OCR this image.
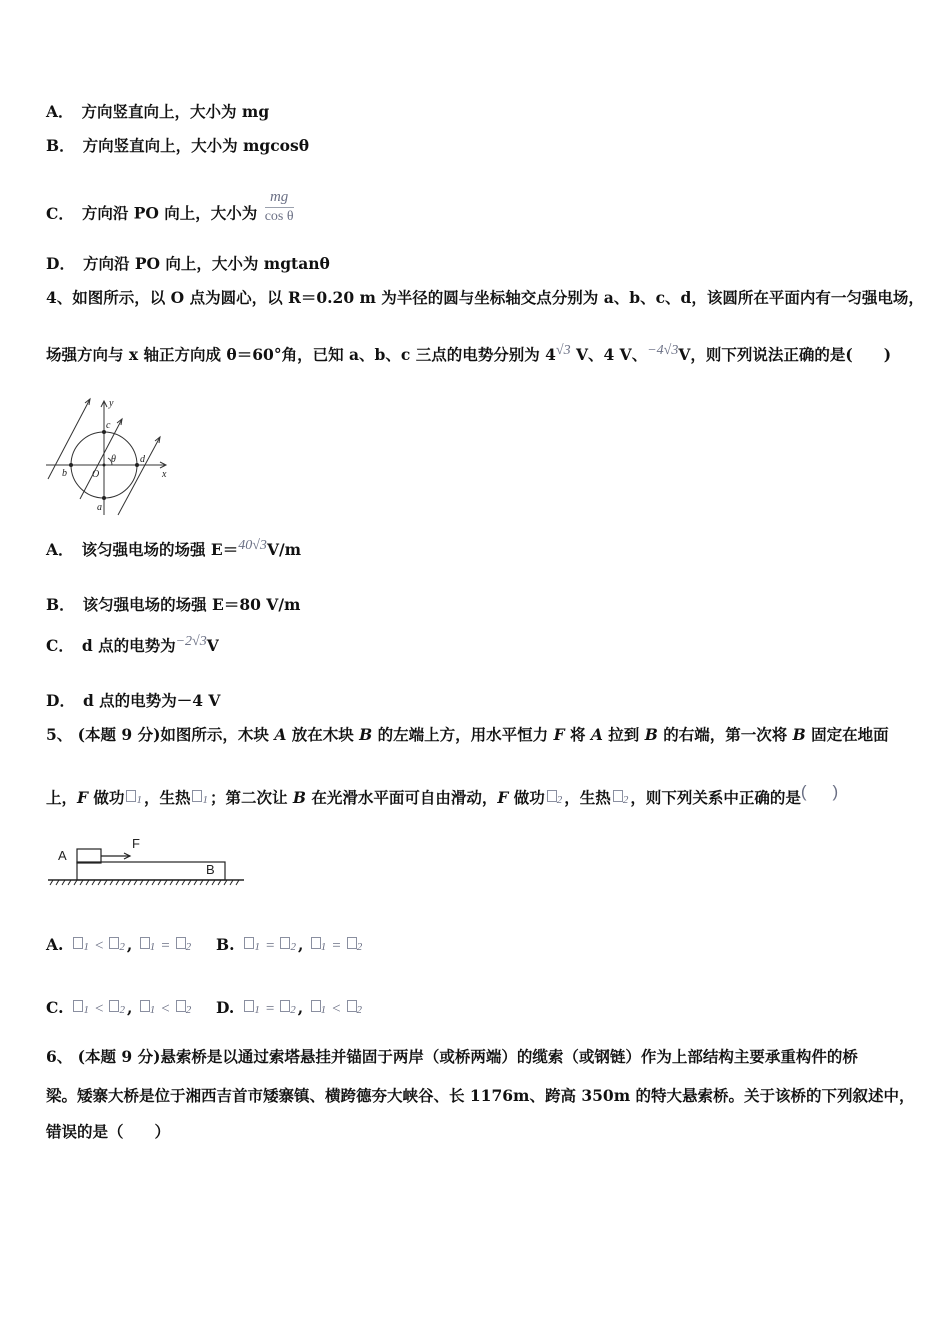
A． 方向竖直向上，大小为 mg
B． 方向竖直向上，大小为 mgcosθ
C． 方向沿 PO 向上，大小为 $\frac{mg}{\text{cos θ}}$
D． 方向沿 PO 向上，大小为 mgtanθ
4、如图所示，以 O 点为圆心，以 R＝0.20 m 为半径的圆与坐标轴交点分别为 a、b、c、d，该圆所在平面内有一匀强电场，
场强方向与 x 轴正方向成 θ＝60°角，已知 a、b、c 三点的电势分别为 4√3 V、4 V、−4√3V，则下列说法正确的是(　　)
y
x
c
d
b	O
θ
a
A． 该匀强电场的场强 E＝40√3V/m
B． 该匀强电场的场强 E＝80 V/m
C． d 点的电势为−2√3V
D． d 点的电势为－4 V
5、 (本题 9 分)如图所示，木块 A 放在木块 B 的左端上方，用水平恒力 F 将 A 拉到 B 的右端，第一次将 B 固定在地面
上，F 做功 1 ，生热 1 ；第二次让 B 在光滑水平面可自由滑动，F 做功 2 ，生热 2 ，则下列关系中正确的是( )
A
F
B
A. 1 < 2 , 1 = 2 B. 1 = 2 , 1 = 2
C. 1 < 2 , 1 < 2 D. 1 = 2 , 1 < 2
6、 (本题 9 分)悬索桥是以通过索塔悬挂并锚固于两岸（或桥两端）的缆索（或钢链）作为上部结构主要承重构件的桥
梁。矮寨大桥是位于湘西吉首市矮寨镇、横跨德夯大峡谷、长 1176m、跨高 350m 的特大悬索桥。关于该桥的下列叙述中，
错误的是（　　）
